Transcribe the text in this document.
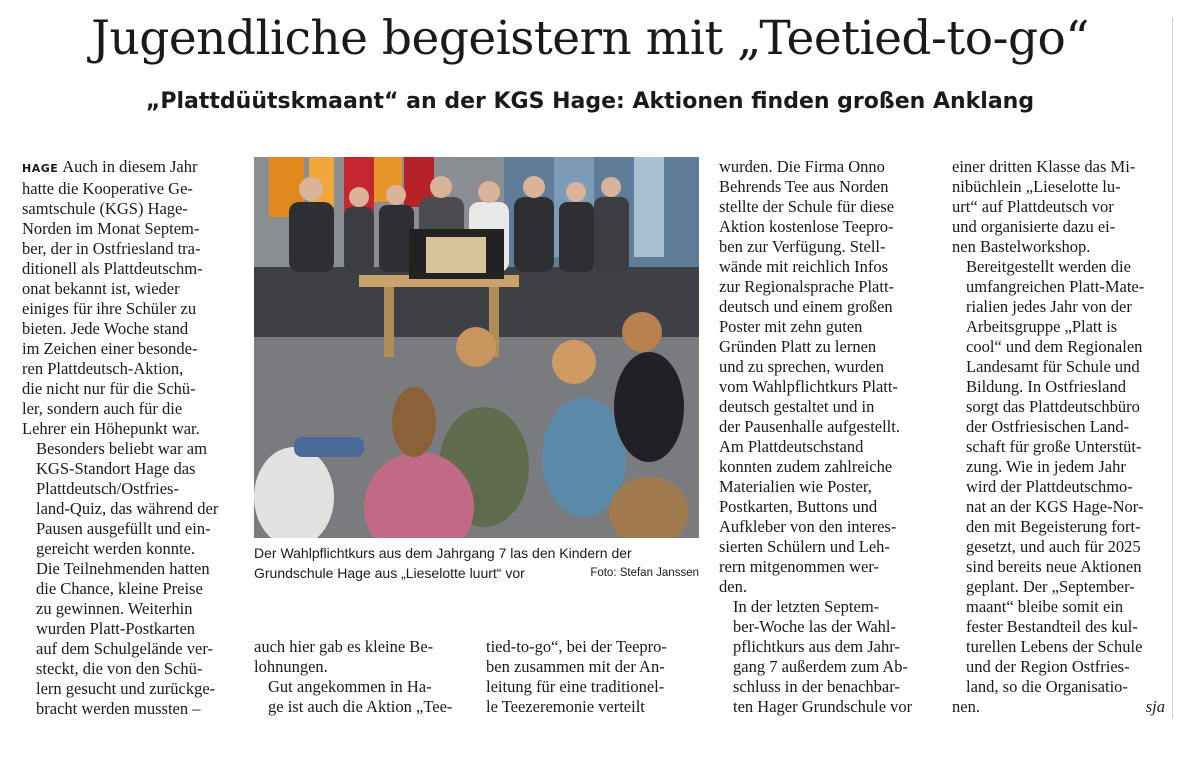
Jugendliche begeistern mit „Teetied-to-go“
„Plattdüütskmaant“ an der KGS Hage: Aktionen finden großen Anklang

HAGE Auch in diesem Jahr

hatte die Kooperative Ge-
samtschule (KGS) Hage-
Norden im Monat Septem-
ber, der in Ostfriesland tra-
ditionell als Plattdeutschm-
onat bekannt ist, wieder
einiges für ihre Schüler zu
bieten. Jede Woche stand
im Zeichen einer besonde-
ren Plattdeutsch-Aktion,
die nicht nur für die Schü-
ler, sondern auch für die
Lehrer ein Höhepunkt war.

Besonders beliebt war am
KGS-Standort Hage das
Plattdeutsch/Ostfries-
land-Quiz, das während der
Pausen ausgefüllt und ein-
gereicht werden konnte.
Die Teilnehmenden hatten
die Chance, kleine Preise
zu gewinnen. Weiterhin
wurden Platt-Postkarten
auf dem Schulgelände ver-
steckt, die von den Schü-
lern gesucht und zurückge-
bracht werden mussten –

Der Wahlpflichtkurs aus dem Jahrgang 7 las den Kindern der
Grundschule Hage aus „Lieselotte luurt“ vor	Foto: Stefan Janssen

auch hier gab es kleine Be-
lohnungen.

Gut angekommen in Ha-
ge ist auch die Aktion „Tee-

tied-to-go“, bei der Teepro-
ben zusammen mit der An-
leitung für eine traditionel-
le Teezeremonie verteilt

wurden. Die Firma Onno
Behrends Tee aus Norden
stellte der Schule für diese
Aktion kostenlose Teepro-
ben zur Verfügung. Stell-
wände mit reichlich Infos
zur Regionalsprache Platt-
deutsch und einem großen
Poster mit zehn guten
Gründen Platt zu lernen
und zu sprechen, wurden
vom Wahlpflichtkurs Platt-
deutsch gestaltet und in
der Pausenhalle aufgestellt.
Am Plattdeutschstand
konnten zudem zahlreiche
Materialien wie Poster,
Postkarten, Buttons und
Aufkleber von den interes-
sierten Schülern und Leh-
rern mitgenommen wer-
den.

In der letzten Septem-
ber-Woche las der Wahl-
pflichtkurs aus dem Jahr-
gang 7 außerdem zum Ab-
schluss in der benachbar-
ten Hager Grundschule vor

einer dritten Klasse das Mi-
nibüchlein „Lieselotte lu-
urt“ auf Plattdeutsch vor
und organisierte dazu ei-
nen Bastelworkshop.

Bereitgestellt werden die
umfangreichen Platt-Mate-
rialien jedes Jahr von der
Arbeitsgruppe „Platt is
cool“ und dem Regionalen
Landesamt für Schule und
Bildung. In Ostfriesland
sorgt das Plattdeutschbüro
der Ostfriesischen Land-
schaft für große Unterstüt-
zung. Wie in jedem Jahr
wird der Plattdeutschmo-
nat an der KGS Hage-Nor-
den mit Begeisterung fort-
gesetzt, und auch für 2025
sind bereits neue Aktionen
geplant. Der „September-
maant“ bleibe somit ein
fester Bestandteil des kul-
turellen Lebens der Schule
und der Region Ostfries-
land, so die Organisatio-

nen.	sja
